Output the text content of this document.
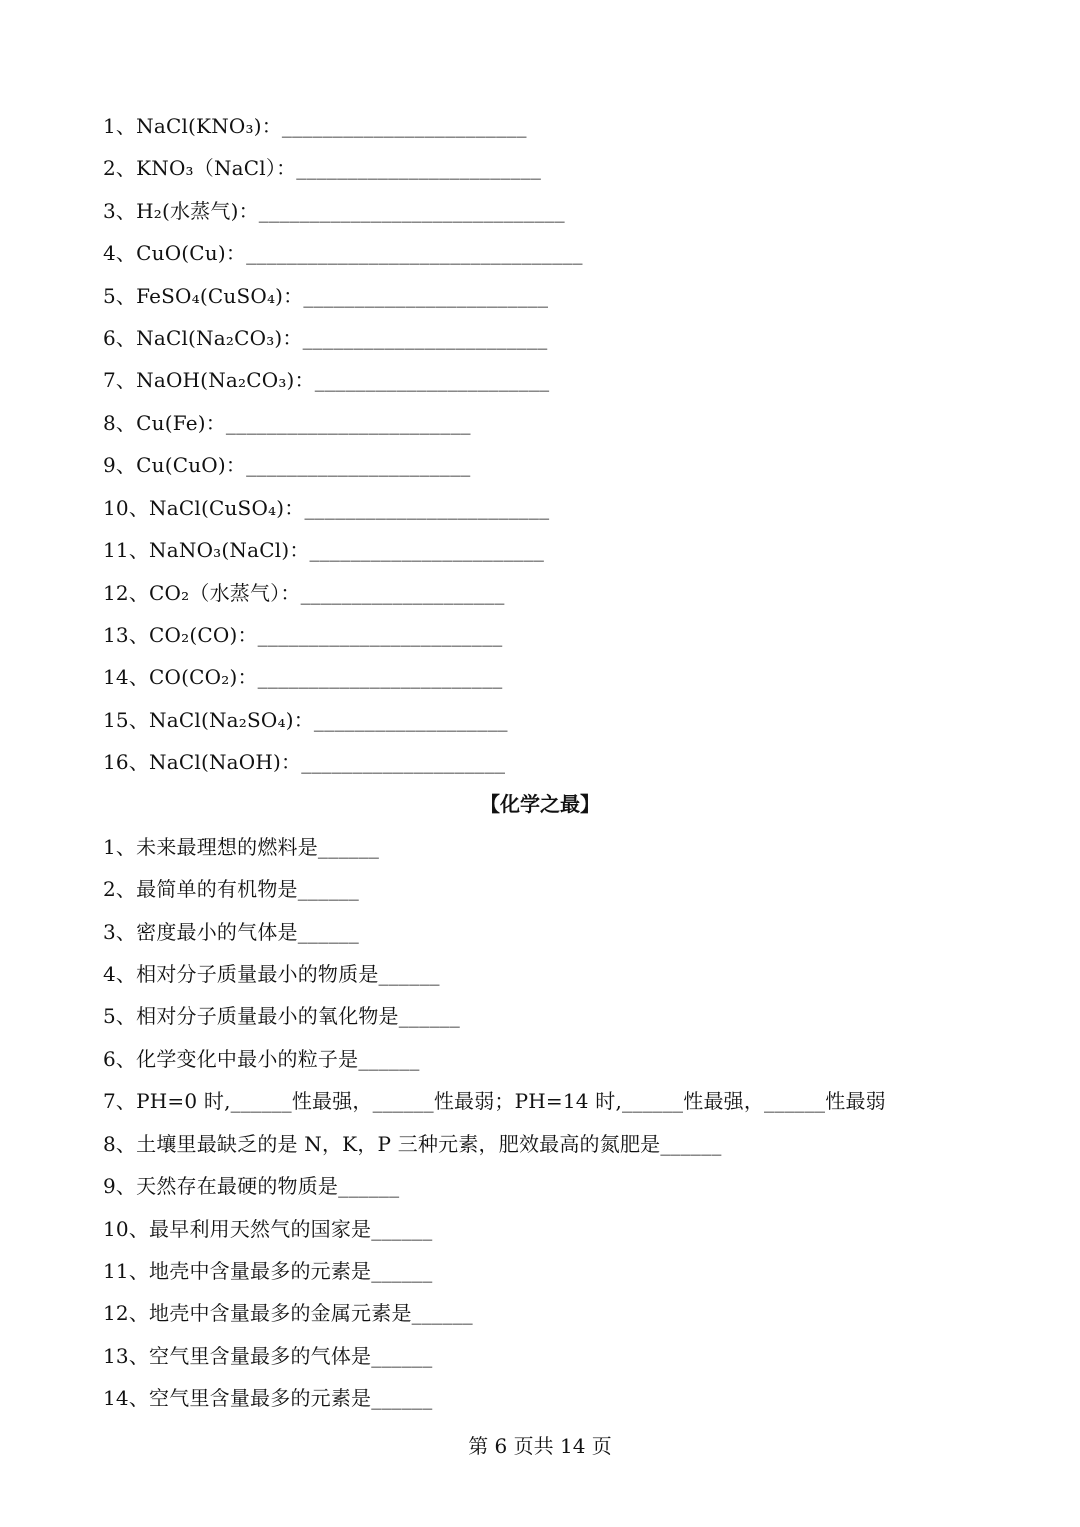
1、NaCl(KNO₃)：________________________
2、KNO₃（NaCl）：________________________
3、H₂(水蒸气)：______________________________
4、CuO(Cu)：_________________________________
5、FeSO₄(CuSO₄)：________________________
6、NaCl(Na₂CO₃)：________________________
7、NaOH(Na₂CO₃)：_______________________
8、Cu(Fe)：________________________
9、Cu(CuO)：______________________
10、NaCl(CuSO₄)：________________________
11、NaNO₃(NaCl)：_______________________
12、CO₂（水蒸气）：____________________
13、CO₂(CO)：________________________
14、CO(CO₂)：________________________
15、NaCl(Na₂SO₄)：___________________
16、NaCl(NaOH)：____________________
【化学之最】
1、未来最理想的燃料是______
2、最简单的有机物是______
3、密度最小的气体是______
4、相对分子质量最小的物质是______
5、相对分子质量最小的氧化物是______
6、化学变化中最小的粒子是______
7、PH=0 时,______性最强，______性最弱；PH=14 时,______性最强，______性最弱
8、土壤里最缺乏的是 N，K，P 三种元素，肥效最高的氮肥是______
9、天然存在最硬的物质是______
10、最早利用天然气的国家是______
11、地壳中含量最多的元素是______
12、地壳中含量最多的金属元素是______
13、空气里含量最多的气体是______
14、空气里含量最多的元素是______
第 6 页共 14 页
